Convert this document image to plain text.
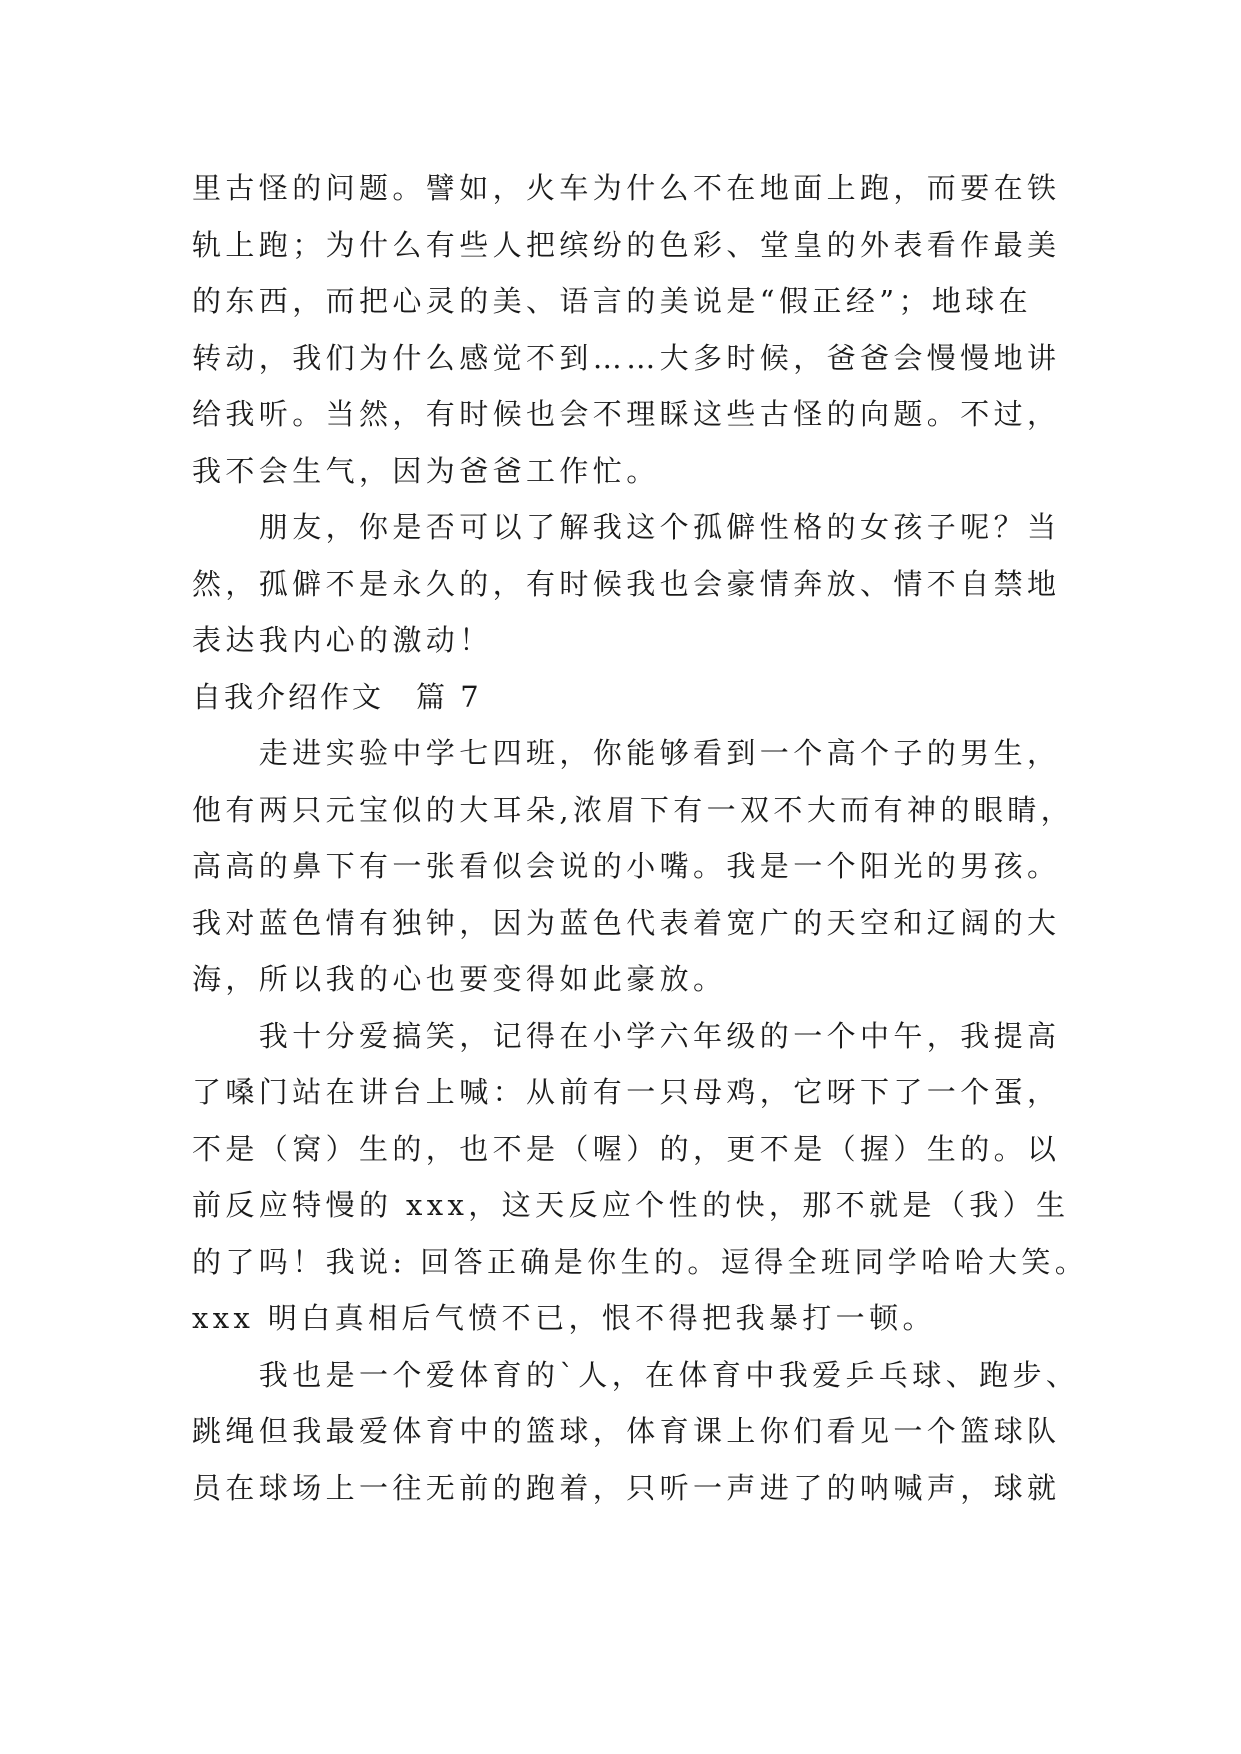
里古怪的问题。譬如，火车为什么不在地面上跑，而要在铁
轨上跑；为什么有些人把缤纷的色彩、堂皇的外表看作最美
的东西，而把心灵的美、语言的美说是“假正经”；地球在
转动，我们为什么感觉不到……大多时候，爸爸会慢慢地讲
给我听。当然，有时候也会不理睬这些古怪的向题。不过，
我不会生气，因为爸爸工作忙。
　　朋友，你是否可以了解我这个孤僻性格的女孩子呢？当
然，孤僻不是永久的，有时候我也会豪情奔放、情不自禁地
表达我内心的激动！
自我介绍作文　篇 7
　　走进实验中学七四班，你能够看到一个高个子的男生，
他有两只元宝似的大耳朵,浓眉下有一双不大而有神的眼睛，
高高的鼻下有一张看似会说的小嘴。我是一个阳光的男孩。
我对蓝色情有独钟，因为蓝色代表着宽广的天空和辽阔的大
海，所以我的心也要变得如此豪放。
　　我十分爱搞笑，记得在小学六年级的一个中午，我提高
了嗓门站在讲台上喊：从前有一只母鸡，它呀下了一个蛋，
不是（窝）生的，也不是（喔）的，更不是（握）生的。以
前反应特慢的 xxx，这天反应个性的快，那不就是（我）生
的了吗！我说: 回答正确是你生的。逗得全班同学哈哈大笑。
xxx 明白真相后气愤不已，恨不得把我暴打一顿。
　　我也是一个爱体育的`人，在体育中我爱乒乓球、跑步、
跳绳但我最爱体育中的篮球，体育课上你们看见一个篮球队
员在球场上一往无前的跑着，只听一声进了的呐喊声，球就
